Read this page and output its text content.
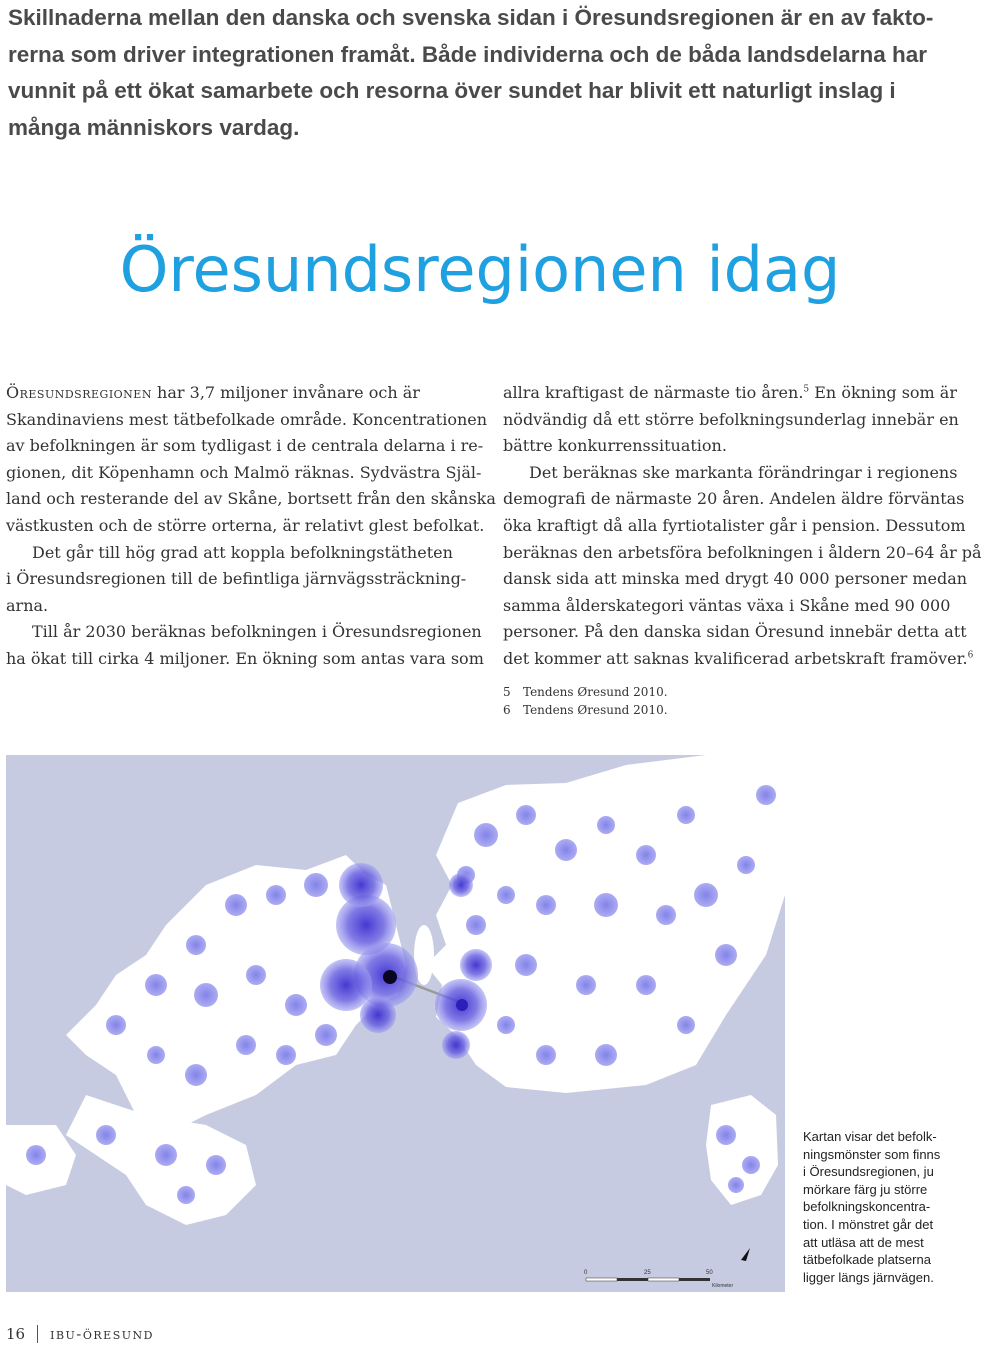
Skillnaderna mellan den danska och svenska sidan i Öresundsregionen är en av fakto-
rerna som driver integrationen framåt. Både individerna och de båda landsdelarna har
vunnit på ett ökat samarbete och resorna över sundet har blivit ett naturligt inslag i
många människors vardag.
Öresundsregionen idag

Öresundsregionen har 3,7 miljoner invånare och är
Skandinaviens mest tätbefolkade område. Koncentrationen
av befolkningen är som tydligast i de centrala delarna i re-
gionen, dit Köpenhamn och Malmö räknas. Sydvästra Själ-
land och resterande del av Skåne, bortsett från den skånska
västkusten och de större orterna, är relativt glest befolkat.

Det går till hög grad att koppla befolkningstätheten
i Öresundsregionen till de befintliga järnvägssträckning-
arna.

Till år 2030 beräknas befolkningen i Öresundsregionen
ha ökat till cirka 4 miljoner. En ökning som antas vara som

allra kraftigast de närmaste tio åren.$^5$ En ökning som är
nödvändig då ett större befolkningsunderlag innebär en
bättre konkurrenssituation.

Det beräknas ske markanta förändringar i regionens
demografi de närmaste 20 åren. Andelen äldre förväntas
öka kraftigt då alla fyrtiotalister går i pension. Dessutom
beräknas den arbetsföra befolkningen i åldern 20–64 år på
dansk sida att minska med drygt 40 000 personer medan
samma ålderskategori väntas växa i Skåne med 90 000
personer. På den danska sidan Öresund innebär detta att
det kommer att saknas kvalificerad arbetskraft framöver.$^6$

5	Tendens Øresund 2010.
6	Tendens Øresund 2010.
0	25	50
Kilometer
Kartan visar det befolk-
ningsmönster som finns
i Öresundsregionen, ju
mörkare färg ju större
befolkningskoncentra-
tion. I mönstret går det
att utläsa att de mest
tätbefolkade platserna
ligger längs järnvägen.
16 ibu-öresund
